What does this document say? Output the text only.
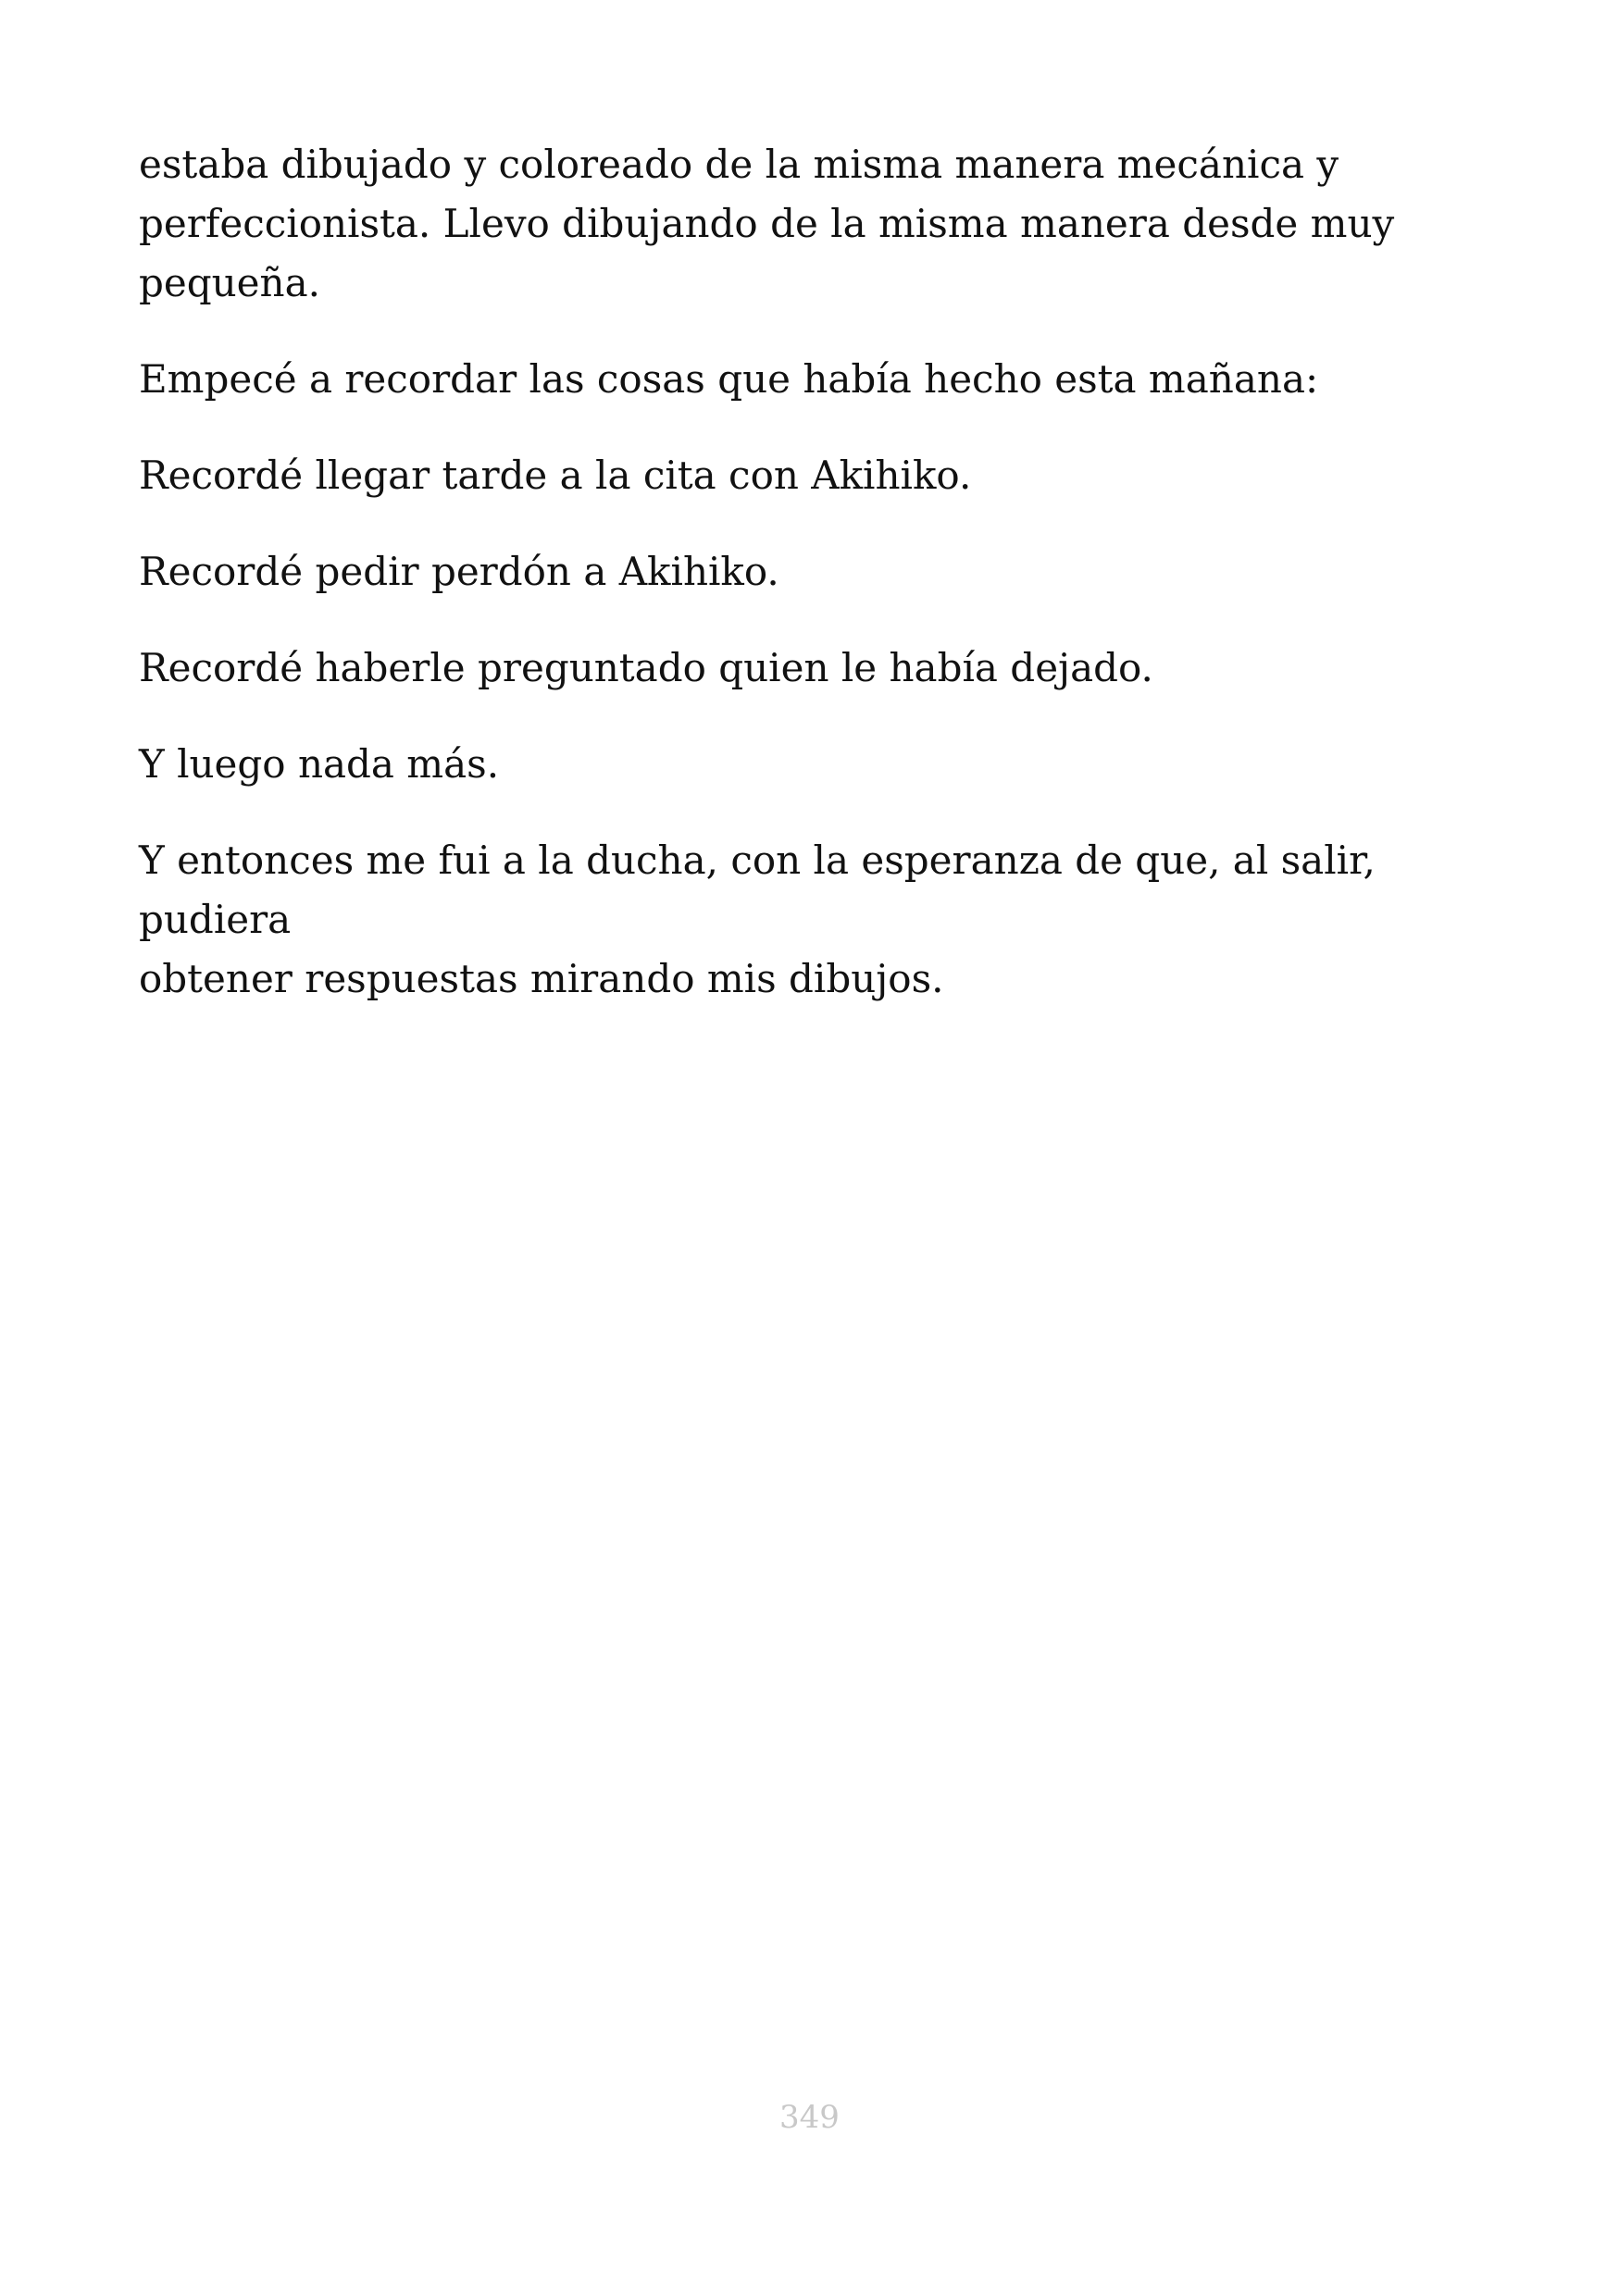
estaba dibujado y coloreado de la misma manera mecánica y
perfeccionista. Llevo dibujando de la misma manera desde muy pequeña.

Empecé a recordar las cosas que había hecho esta mañana:

Recordé llegar tarde a la cita con Akihiko.

Recordé pedir perdón a Akihiko.

Recordé haberle preguntado quien le había dejado.

Y luego nada más.

Y entonces me fui a la ducha, con la esperanza de que, al salir, pudiera
obtener respuestas mirando mis dibujos.

349
